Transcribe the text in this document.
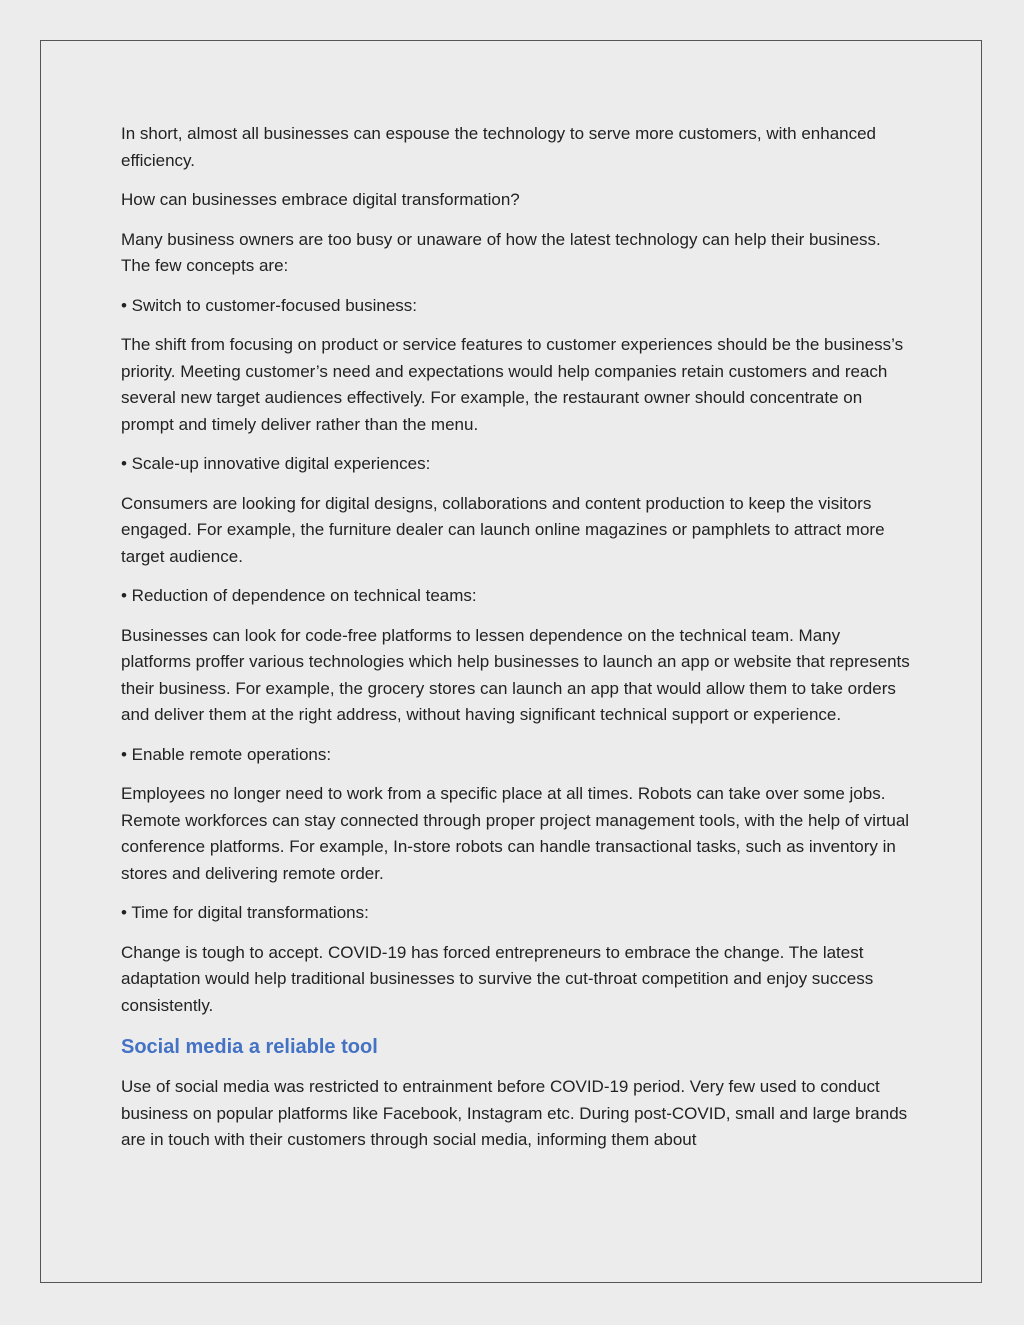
In short, almost all businesses can espouse the technology to serve more customers, with enhanced efficiency.

How can businesses embrace digital transformation?

Many business owners are too busy or unaware of how the latest technology can help their business. The few concepts are:

• Switch to customer-focused business:

The shift from focusing on product or service features to customer experiences should be the business’s priority. Meeting customer’s need and expectations would help companies retain customers and reach several new target audiences effectively. For example, the restaurant owner should concentrate on prompt and timely deliver rather than the menu.

• Scale-up innovative digital experiences:

Consumers are looking for digital designs, collaborations and content production to keep the visitors engaged. For example, the furniture dealer can launch online magazines or pamphlets to attract more target audience.

• Reduction of dependence on technical teams:

Businesses can look for code-free platforms to lessen dependence on the technical team. Many platforms proffer various technologies which help businesses to launch an app or website that represents their business. For example, the grocery stores can launch an app that would allow them to take orders and deliver them at the right address, without having significant technical support or experience.

• Enable remote operations:

Employees no longer need to work from a specific place at all times. Robots can take over some jobs. Remote workforces can stay connected through proper project management tools, with the help of virtual conference platforms. For example, In-store robots can handle transactional tasks, such as inventory in stores and delivering remote order.

• Time for digital transformations:

Change is tough to accept. COVID-19 has forced entrepreneurs to embrace the change. The latest adaptation would help traditional businesses to survive the cut-throat competition and enjoy success consistently.

Social media a reliable tool

Use of social media was restricted to entrainment before COVID-19 period. Very few used to conduct business on popular platforms like Facebook, Instagram etc. During post-COVID, small and large brands are in touch with their customers through social media, informing them about
